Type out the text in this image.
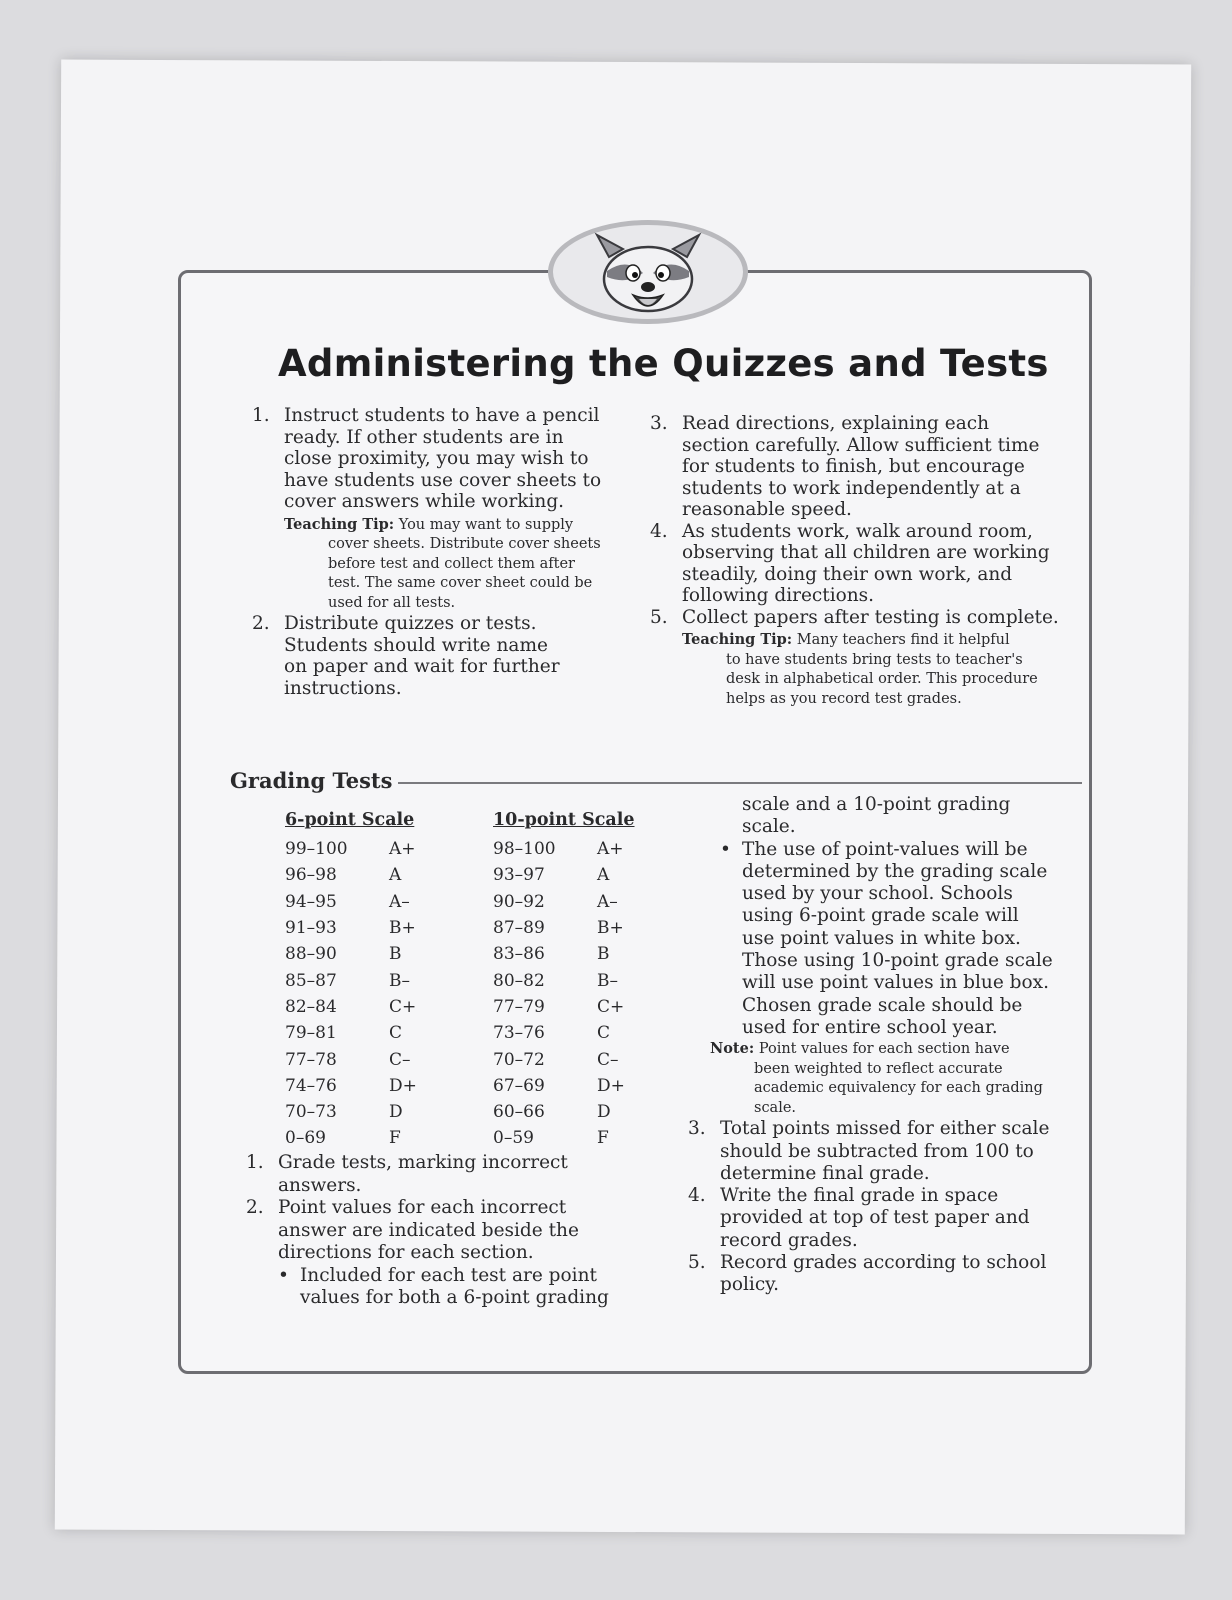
Administering the Quizzes and Tests
1. Instruct students to have a pencil
ready. If other students are in
close proximity, you may wish to
have students use cover sheets to
cover answers while working.
Teaching Tip: You may want to supply
cover sheets. Distribute cover sheets
before test and collect them after
test. The same cover sheet could be
used for all tests.
2. Distribute quizzes or tests.
Students should write name
on paper and wait for further
instructions.
3. Read directions, explaining each
section carefully. Allow sufficient time
for students to finish, but encourage
students to work independently at a
reasonable speed.
4. As students work, walk around room,
observing that all children are working
steadily, doing their own work, and
following directions.
5. Collect papers after testing is complete.
Teaching Tip: Many teachers find it helpful
to have students bring tests to teacher's
desk in alphabetical order. This procedure
helps as you record test grades.
Grading Tests
6-point Scale
99–100	A+
96–98	A
94–95	A–
91–93	B+
88–90	B
85–87	B–
82–84	C+
79–81	C
77–78	C–
74–76	D+
70–73	D
0–69	F
10-point Scale
98–100	A+
93–97	A
90–92	A–
87–89	B+
83–86	B
80–82	B–
77–79	C+
73–76	C
70–72	C–
67–69	D+
60–66	D
0–59	F
1. Grade tests, marking incorrect
answers.
2. Point values for each incorrect
answer are indicated beside the
directions for each section.
• Included for each test are point
values for both a 6-point grading
scale and a 10-point grading
scale.
• The use of point-values will be
determined by the grading scale
used by your school. Schools
using 6-point grade scale will
use point values in white box.
Those using 10-point grade scale
will use point values in blue box.
Chosen grade scale should be
used for entire school year.
Note: Point values for each section have
been weighted to reflect accurate
academic equivalency for each grading
scale.
3. Total points missed for either scale
should be subtracted from 100 to
determine final grade.
4. Write the final grade in space
provided at top of test paper and
record grades.
5. Record grades according to school
policy.
